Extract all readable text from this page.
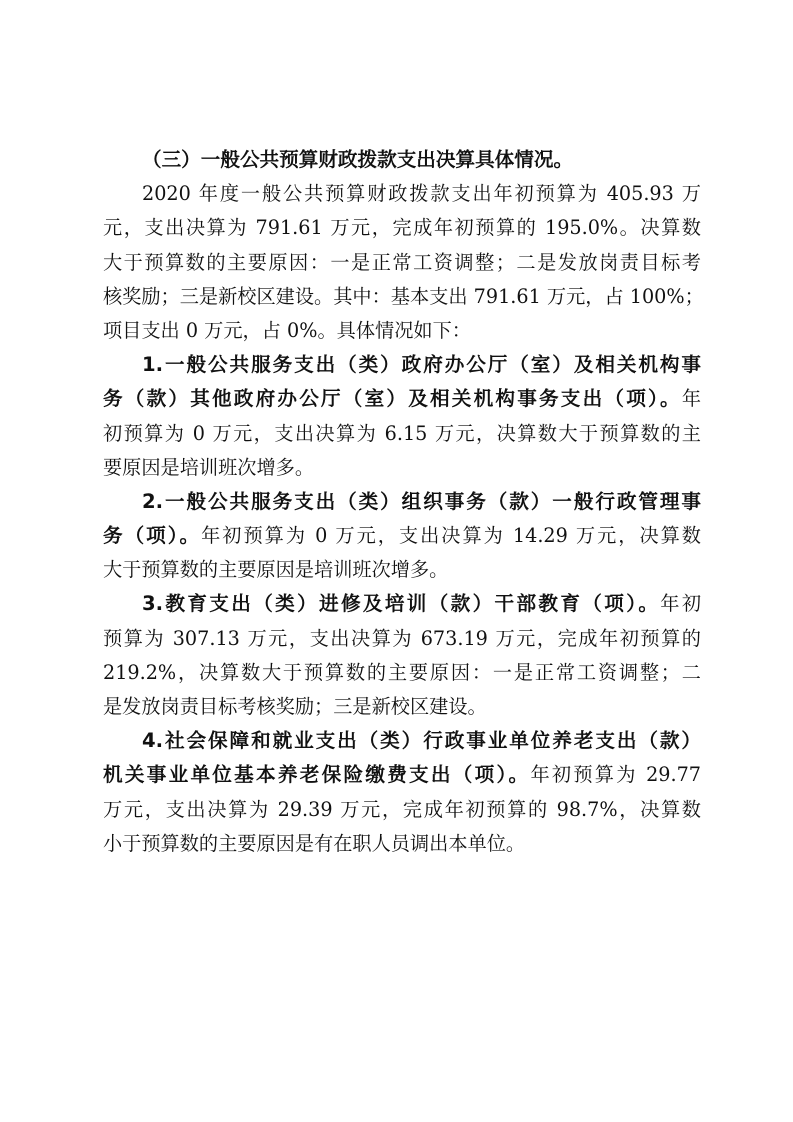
（三）一般公共预算财政拨款支出决算具体情况。
2020 年度一般公共预算财政拨款支出年初预算为 405.93 万
元，支出决算为 791.61 万元，完成年初预算的 195.0%。决算数
大于预算数的主要原因：一是正常工资调整；二是发放岗责目标考
核奖励；三是新校区建设。其中：基本支出 791.61 万元，占 100%；
项目支出 0 万元，占 0%。具体情况如下：
1.一般公共服务支出（类）政府办公厅（室）及相关机构事
务（款）其他政府办公厅（室）及相关机构事务支出（项）。年
初预算为 0 万元，支出决算为 6.15 万元，决算数大于预算数的主
要原因是培训班次增多。
2.一般公共服务支出（类）组织事务（款）一般行政管理事
务（项）。年初预算为 0 万元，支出决算为 14.29 万元，决算数
大于预算数的主要原因是培训班次增多。
3.教育支出（类）进修及培训（款）干部教育（项）。年初
预算为 307.13 万元，支出决算为 673.19 万元，完成年初预算的
219.2%，决算数大于预算数的主要原因：一是正常工资调整；二
是发放岗责目标考核奖励；三是新校区建设。
4.社会保障和就业支出（类）行政事业单位养老支出（款）
机关事业单位基本养老保险缴费支出（项）。年初预算为 29.77
万元，支出决算为 29.39 万元，完成年初预算的 98.7%，决算数
小于预算数的主要原因是有在职人员调出本单位。
